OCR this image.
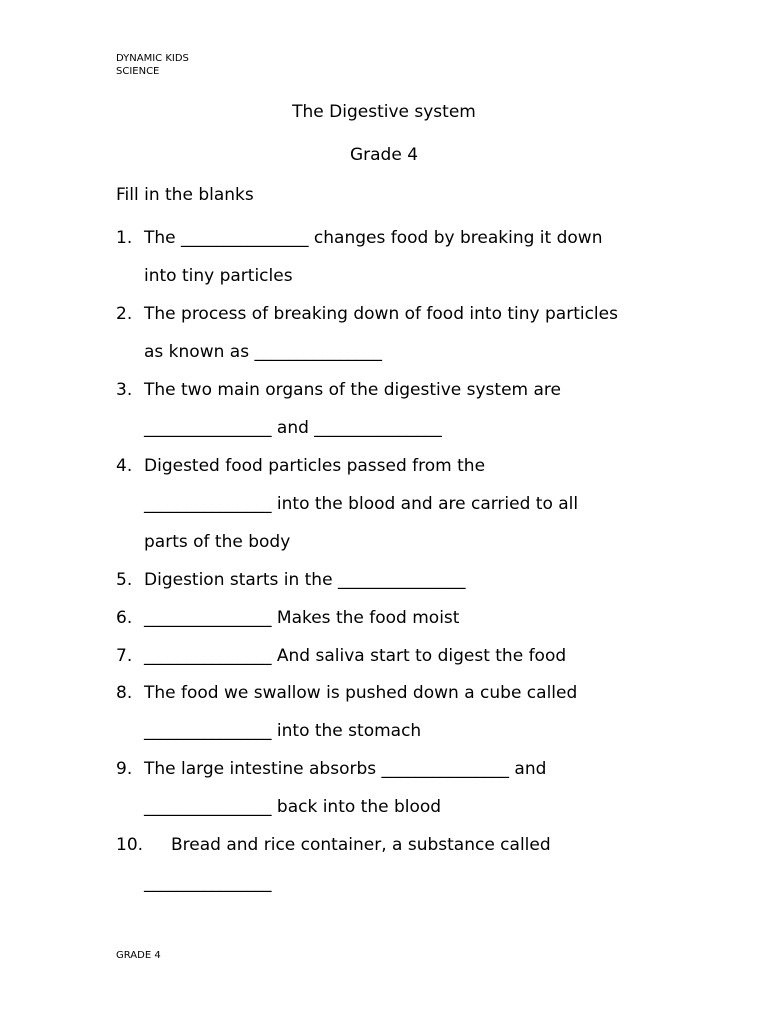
DYNAMIC KIDS
SCIENCE
The Digestive system
Grade 4
Fill in the blanks
1. The _______________ changes food by breaking it down
into tiny particles
2. The process of breaking down of food into tiny particles
as known as _______________
3. The two main organs of the digestive system are
_______________ and _______________
4. Digested food particles passed from the
_______________ into the blood and are carried to all
parts of the body
5. Digestion starts in the _______________
6. _______________ Makes the food moist
7. _______________ And saliva start to digest the food
8. The food we swallow is pushed down a cube called
_______________ into the stomach
9. The large intestine absorbs _______________ and
_______________ back into the blood
10. Bread and rice container, a substance called
_______________
GRADE 4
